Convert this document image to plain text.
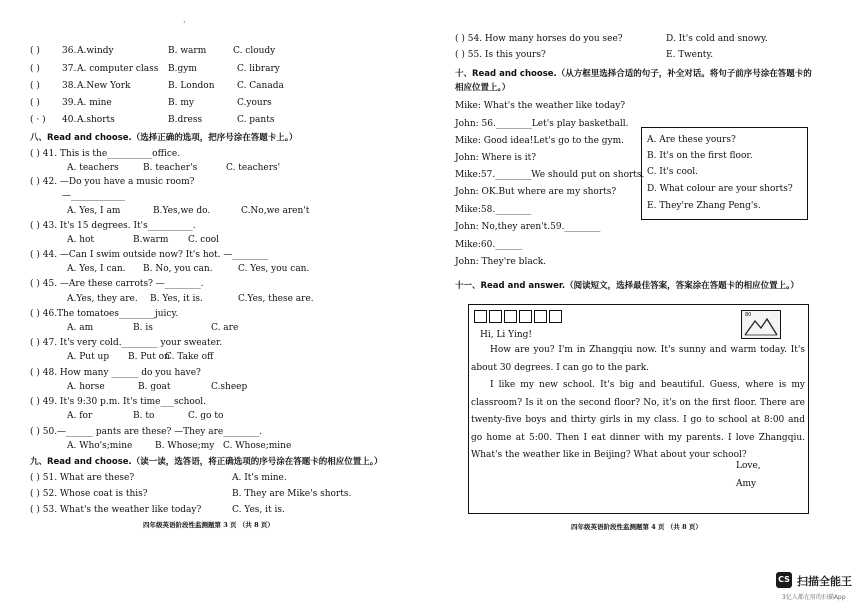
·
( ) 36. A.windy	B. warm	C. cloudy
( ) 37. A. computer class B.gym	C. library
( ) 38. A.New York	B. London C. Canada
( ) 39. A. mine	B. my	C.yours
( · ) 40. A.shorts	B.dress	C. pants
八、Read and choose.（选择正确的选项，把序号涂在答题卡上。）
( ) 41. This is the__________office.
A. teachers	B. teacher's	C. teachers'
( ) 42. —Do you have a music room?
—____________
A. Yes, I am	B.Yes,we do.	C.No,we aren't
( ) 43. It's 15 degrees. It's__________.
A. hot	B.warm C. cool
( ) 44. —Can I swim outside now? It's hot. —________
A. Yes, I can. B. No, you can.	C. Yes, you can.
( ) 45. —Are these carrots? —________.
A.Yes, they are. B. Yes, it is.	C.Yes, these are.
( ) 46.The tomatoes________juicy.
A. am	B. is	C. are
( ) 47. It's very cold.________ your sweater.
A. Put up B. Put on
C. Take off
( ) 48. How many ______ do you have?
A. horse	B. goat	C.sheep
( ) 49. It's 9:30 p.m. It's time___school.
A. for	B. to	C. go to
( ) 50.—______ pants are these? —They are________.
A. Who's;mine	B. Whose;my C. Whose;mine
九、Read and choose.（读一读，选答语，将正确选项的序号涂在答题卡的相应位置上。）
( ) 51. What are these?	A. It's mine.
( ) 52. Whose coat is this?	B. They are Mike's shorts.
( ) 53. What's the weather like today?	C. Yes, it is.
四年级英语阶段性监测题第 3 页 （共 8 页）
( ) 54. How many horses do you see?	D. It's cold and snowy.
( ) 55. Is this yours?	E. Twenty.
十、Read and choose.（从方框里选择合适的句子，补全对话。将句子前序号涂在答题卡的
相应位置上。）
Mike: What's the weather like today?
John: 56.________Let's play basketball.
Mike: Good idea!Let's go to the gym.
John: Where is it?
Mike:57.________We should put on shorts.
John: OK.But where are my shorts?
Mike:58.________
John: No,they aren't.59.________
Mike:60.______
John: They're black.
A. Are these yours?
B. It's on the first floor.
C. It's cool.
D. What colour are your shorts?
E. They're Zhang Peng's.
十一、Read and answer.（阅读短文，选择最佳答案，答案涂在答题卡的相应位置上。）
80
Hi, Li Ying!
How are you? I'm in Zhangqiu now. It's sunny and warm today. It's about 30 degrees. I can go to the park.
I like my new school. It's big and beautiful. Guess, where is my classroom? Is it on the second floor? No, it's on the first floor. There are twenty-five boys and thirty girls in my class. I go to school at 8:00 and go home at 5:00. Then I eat dinner with my parents. I love Zhangqiu. What's the weather like in Beijing? What about your school?
Love,
Amy
四年级英语阶段性监测题第 4 页 （共 8 页）
CS 扫描全能王
3亿人都在用的扫描App
